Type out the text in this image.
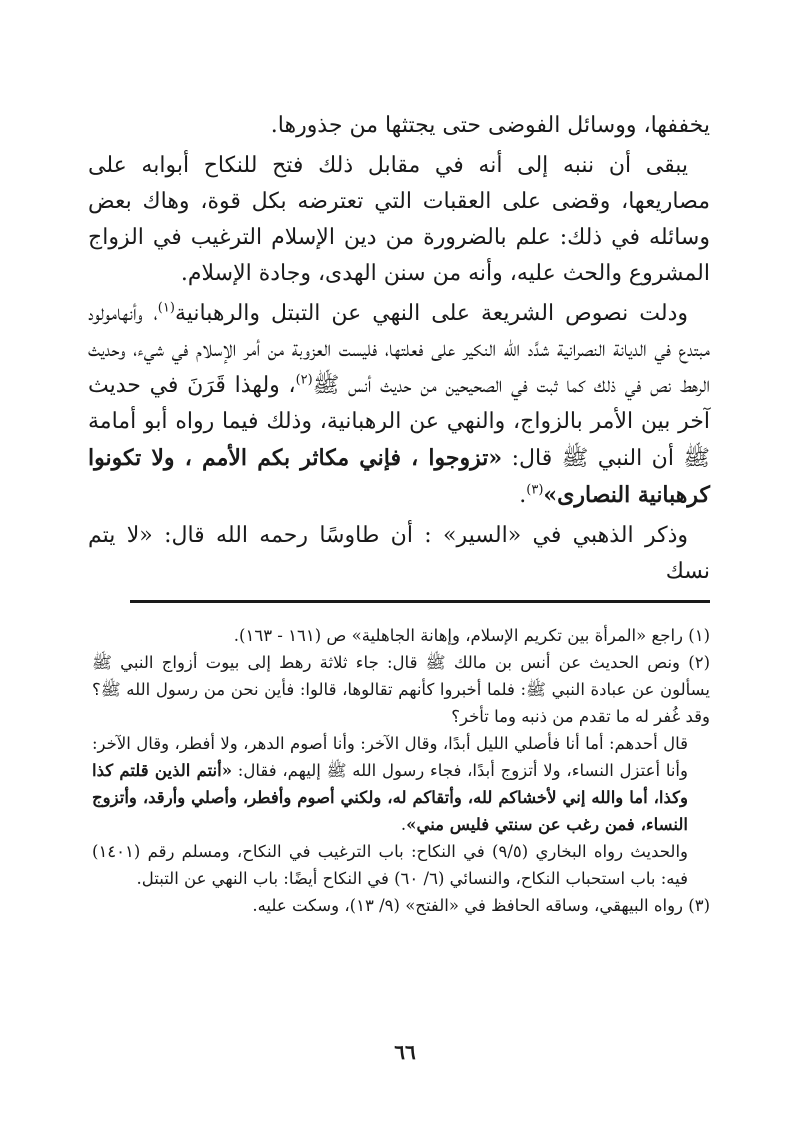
يخففها، ووسائل الفوضى حتى يجتثها من جذورها.

يبقى أن ننبه إلى أنه في مقابل ذلك فتح للنكاح أبوابه على مصاريعها، وقضى على العقبات التي تعترضه بكل قوة، وهاك بعض وسائله في ذلك: علم بالضرورة من دين الإسلام الترغيب في الزواج المشروع والحث عليه، وأنه من سنن الهدى، وجادة الإسلام.

ودلت نصوص الشريعة على النهي عن التبتل والرهبانية$^{(١)}$، وأنهامولود مبتدع في الديانة النصرانية شدَّد الله النكير على فعلتها، فليست العزوبة من أمر الإسلام في شيء، وحديث الرهط نص في ذلك كما ثبت في الصحيحين من حديث أنس ﷺ$^{(٢)}$، ولهذا قَرَنَ في حديث آخر بين الأمر بالزواج، والنهي عن الرهبانية، وذلك فيما رواه أبو أمامة ﷺ أن النبي ﷺ قال: «تزوجوا ، فإني مكاثر بكم الأمم ، ولا تكونوا كرهبانية النصارى»$^{(٣)}$.

وذكر الذهبي في «السير» : أن طاوسًا رحمه الله قال: «لا يتم نسك

(١) راجع «المرأة بين تكريم الإسلام، وإهانة الجاهلية» ص (١٦١ - ١٦٣).

(٢) ونص الحديث عن أنس بن مالك ﷺ قال: جاء ثلاثة رهط إلى بيوت أزواج النبي ﷺ يسألون عن عبادة النبي ﷺ: فلما أخبروا كأنهم تقالوها، قالوا: فأين نحن من رسول الله ﷺ؟ وقد غُفر له ما تقدم من ذنبه وما تأخر؟
قال أحدهم: أما أنا فأصلي الليل أبدًا، وقال الآخر: وأنا أصوم الدهر، ولا أفطر، وقال الآخر: وأنا أعتزل النساء، ولا أتزوج أبدًا، فجاء رسول الله ﷺ إليهم، فقال: «أنتم الذين قلتم كذا وكذا، أما والله إني لأخشاكم لله، وأتقاكم له، ولكني أصوم وأفطر، وأصلي وأرقد، وأتزوج النساء، فمن رغب عن سنتي فليس مني».
والحديث رواه البخاري (٩/٥) في النكاح: باب الترغيب في النكاح، ومسلم رقم (١٤٠١) فيه: باب استحباب النكاح، والنسائي (٦/ ٦٠) في النكاح أيضًا: باب النهي عن التبتل.

(٣) رواه البيهقي، وساقه الحافظ في «الفتح» (٩/ ١٣)، وسكت عليه.

٦٦
